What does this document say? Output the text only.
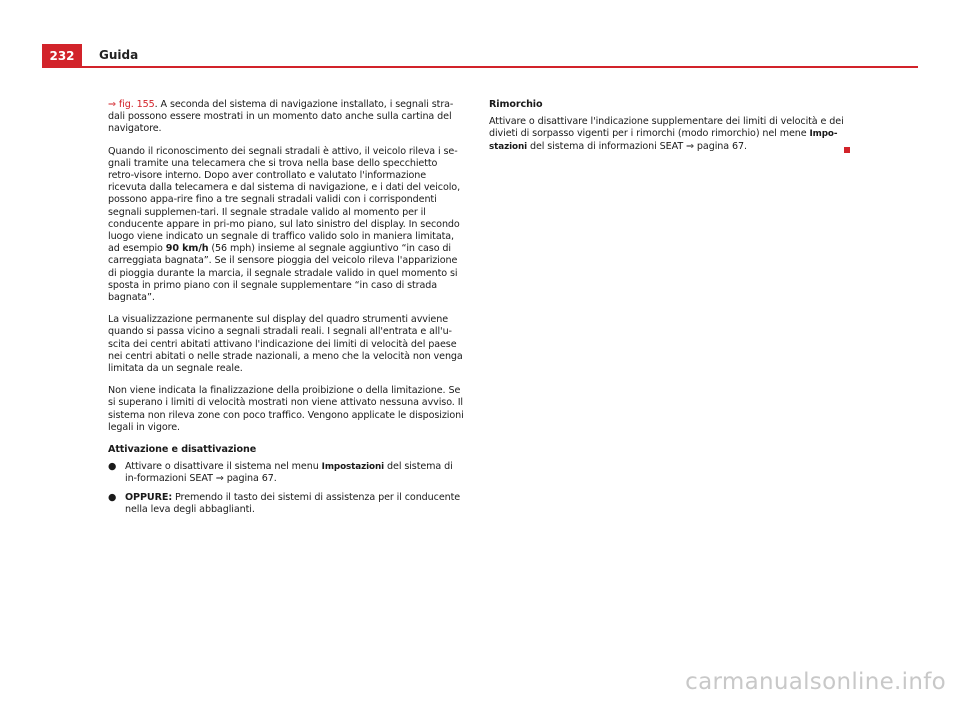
232	Guida

⇒ fig. 155. A seconda del sistema di navigazione installato, i segnali stra-dali possono essere mostrati in un momento dato anche sulla cartina del navigatore.

Quando il riconoscimento dei segnali stradali è attivo, il veicolo rileva i se-gnali tramite una telecamera che si trova nella base dello specchietto retro-visore interno. Dopo aver controllato e valutato l'informazione ricevuta dalla telecamera e dal sistema di navigazione, e i dati del veicolo, possono appa-rire fino a tre segnali stradali validi con i corrispondenti segnali supplemen-tari. Il segnale stradale valido al momento per il conducente appare in pri-mo piano, sul lato sinistro del display. In secondo luogo viene indicato un segnale di traffico valido solo in maniera limitata, ad esempio 90 km/h (56 mph) insieme al segnale aggiuntivo “in caso di carreggiata bagnata”. Se il sensore pioggia del veicolo rileva l'apparizione di pioggia durante la marcia, il segnale stradale valido in quel momento si sposta in primo piano con il segnale supplementare “in caso di strada bagnata”.

La visualizzazione permanente sul display del quadro strumenti avviene quando si passa vicino a segnali stradali reali. I segnali all'entrata e all'u-scita dei centri abitati attivano l'indicazione dei limiti di velocità del paese nei centri abitati o nelle strade nazionali, a meno che la velocità non venga limitata da un segnale reale.

Non viene indicata la finalizzazione della proibizione o della limitazione. Se si superano i limiti di velocità mostrati non viene attivato nessuna avviso. Il sistema non rileva zone con poco traffico. Vengono applicate le disposizioni legali in vigore.

Attivazione e disattivazione
● Attivare o disattivare il sistema nel menu Impostazioni del sistema di in-formazioni SEAT ⇒ pagina 67.
● OPPURE: Premendo il tasto dei sistemi di assistenza per il conducente nella leva degli abbaglianti.
Rimorchio

Attivare o disattivare l'indicazione supplementare dei limiti di velocità e dei divieti di sorpasso vigenti per i rimorchi (modo rimorchio) nel mene Impo-stazioni del sistema di informazioni SEAT ⇒ pagina 67.

carmanualsonline.info
